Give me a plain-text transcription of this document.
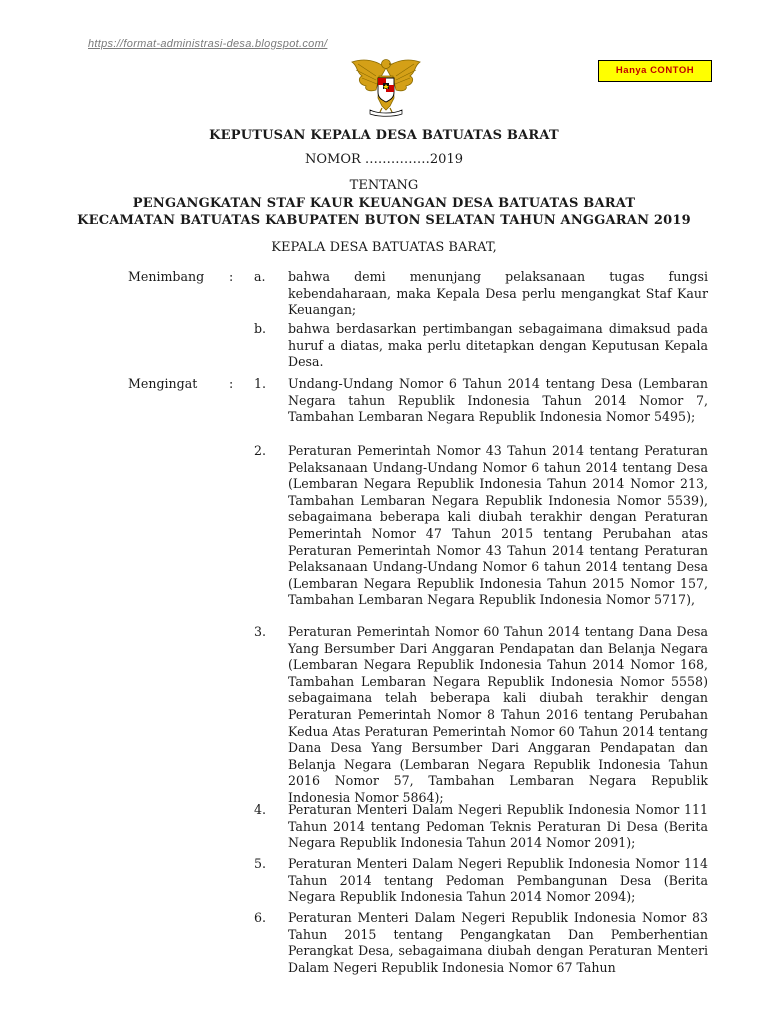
https://format-administrasi-desa.blogspot.com/
Hanya CONTOH
KEPUTUSAN KEPALA DESA BATUATAS BARAT
NOMOR ……………2019
TENTANG
PENGANGKATAN STAF KAUR KEUANGAN DESA BATUATAS BARAT
KECAMATAN BATUATAS KABUPATEN BUTON SELATAN TAHUN ANGGARAN 2019
KEPALA DESA BATUATAS BARAT,
Menimbang : a. bahwa demi menunjang pelaksanaan tugas fungsi kebendaharaan, maka Kepala Desa perlu mengangkat Staf Kaur Keuangan;
b. bahwa berdasarkan pertimbangan sebagaimana dimaksud pada huruf a diatas, maka perlu ditetapkan dengan Keputusan Kepala Desa.
Mengingat	: 1. Undang-Undang Nomor 6 Tahun 2014 tentang Desa (Lembaran Negara tahun Republik Indonesia Tahun 2014 Nomor 7, Tambahan Lembaran Negara Republik Indonesia Nomor 5495);
2. Peraturan Pemerintah Nomor 43 Tahun 2014 tentang Peraturan Pelaksanaan Undang-Undang Nomor 6 tahun 2014 tentang Desa (Lembaran Negara Republik Indonesia Tahun 2014 Nomor 213, Tambahan Lembaran Negara Republik Indonesia Nomor 5539), sebagaimana beberapa kali diubah terakhir dengan Peraturan Pemerintah Nomor 47 Tahun 2015 tentang Perubahan atas Peraturan Pemerintah Nomor 43 Tahun 2014 tentang Peraturan Pelaksanaan Undang-Undang Nomor 6 tahun 2014 tentang Desa (Lembaran Negara Republik Indonesia Tahun 2015 Nomor 157, Tambahan Lembaran Negara Republik Indonesia Nomor 5717),
3. Peraturan Pemerintah Nomor 60 Tahun 2014 tentang Dana Desa Yang Bersumber Dari Anggaran Pendapatan dan Belanja Negara (Lembaran Negara Republik Indonesia Tahun 2014 Nomor 168, Tambahan Lembaran Negara Republik Indonesia Nomor 5558) sebagaimana telah beberapa kali diubah terakhir dengan Peraturan Pemerintah Nomor 8 Tahun 2016 tentang Perubahan Kedua Atas Peraturan Pemerintah Nomor 60 Tahun 2014 tentang Dana Desa Yang Bersumber Dari Anggaran Pendapatan dan Belanja Negara (Lembaran Negara Republik Indonesia Tahun 2016 Nomor 57, Tambahan Lembaran Negara Republik Indonesia Nomor 5864);
4. Peraturan Menteri Dalam Negeri Republik Indonesia Nomor 111 Tahun 2014 tentang Pedoman Teknis Peraturan Di Desa (Berita Negara Republik Indonesia Tahun 2014 Nomor 2091);
5. Peraturan Menteri Dalam Negeri Republik Indonesia Nomor 114 Tahun 2014 tentang Pedoman Pembangunan Desa (Berita Negara Republik Indonesia Tahun 2014 Nomor 2094);
6. Peraturan Menteri Dalam Negeri Republik Indonesia Nomor 83 Tahun 2015 tentang Pengangkatan Dan Pemberhentian Perangkat Desa, sebagaimana diubah dengan Peraturan Menteri Dalam Negeri Republik Indonesia Nomor 67 Tahun
